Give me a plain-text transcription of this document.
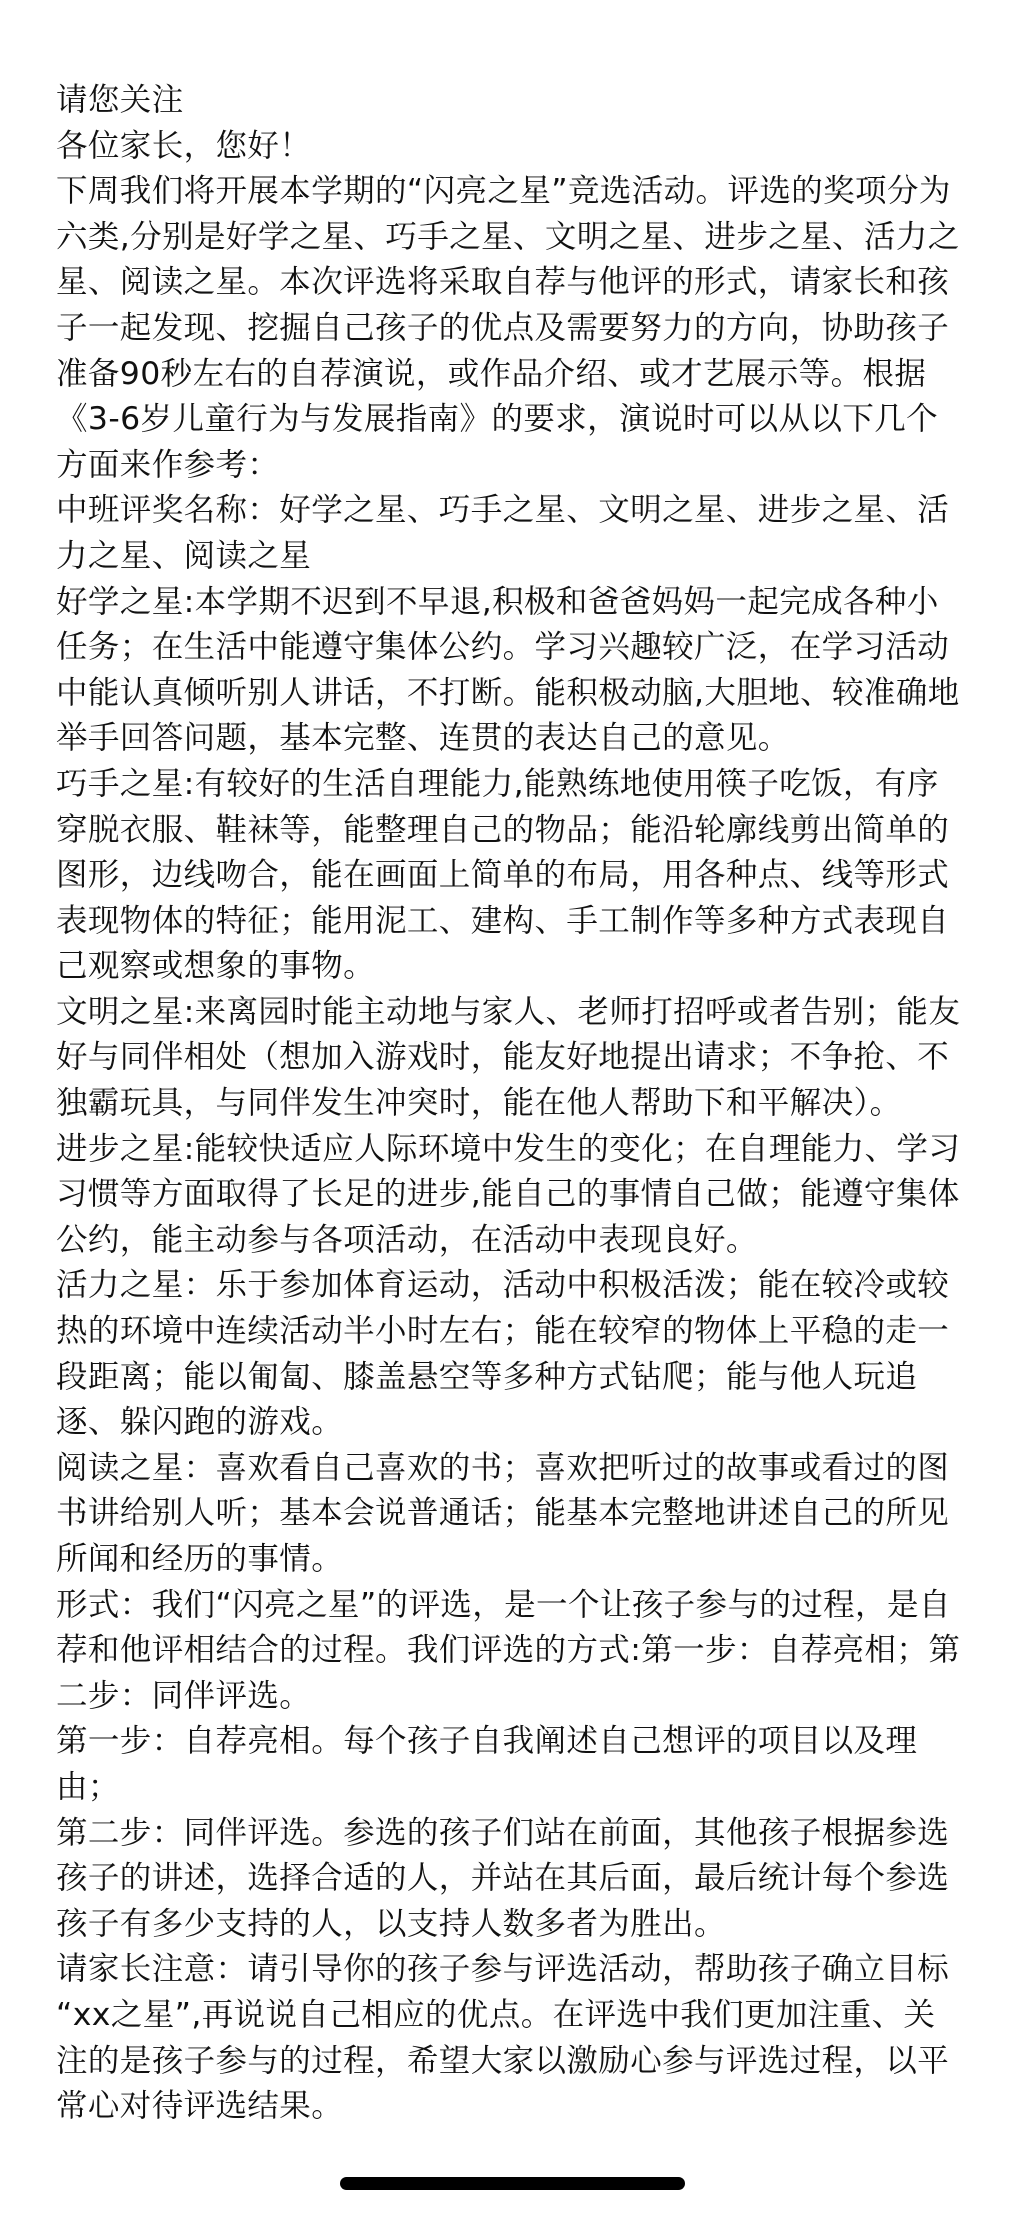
请您关注
各位家长，您好！
下周我们将开展本学期的“闪亮之星”竞选活动。评选的奖项分为
六类,分别是好学之星、巧手之星、文明之星、进步之星、活力之
星、阅读之星。本次评选将采取自荐与他评的形式，请家长和孩
子一起发现、挖掘自己孩子的优点及需要努力的方向，协助孩子
准备90秒左右的自荐演说，或作品介绍、或才艺展示等。根据
《3-6岁儿童行为与发展指南》的要求，演说时可以从以下几个
方面来作参考：
中班评奖名称：好学之星、巧手之星、文明之星、进步之星、活
力之星、阅读之星
好学之星:本学期不迟到不早退,积极和爸爸妈妈一起完成各种小
任务；在生活中能遵守集体公约。学习兴趣较广泛，在学习活动
中能认真倾听别人讲话，不打断。能积极动脑,大胆地、较准确地
举手回答问题，基本完整、连贯的表达自己的意见。
巧手之星:有较好的生活自理能力,能熟练地使用筷子吃饭，有序
穿脱衣服、鞋袜等，能整理自己的物品；能沿轮廓线剪出简单的
图形，边线吻合，能在画面上简单的布局，用各种点、线等形式
表现物体的特征；能用泥工、建构、手工制作等多种方式表现自
己观察或想象的事物。
文明之星:来离园时能主动地与家人、老师打招呼或者告别；能友
好与同伴相处（想加入游戏时，能友好地提出请求；不争抢、不
独霸玩具，与同伴发生冲突时，能在他人帮助下和平解决）。
进步之星:能较快适应人际环境中发生的变化；在自理能力、学习
习惯等方面取得了长足的进步,能自己的事情自己做；能遵守集体
公约，能主动参与各项活动，在活动中表现良好。
活力之星：乐于参加体育运动，活动中积极活泼；能在较冷或较
热的环境中连续活动半小时左右；能在较窄的物体上平稳的走一
段距离；能以匍匐、膝盖悬空等多种方式钻爬；能与他人玩追
逐、躲闪跑的游戏。
阅读之星：喜欢看自己喜欢的书；喜欢把听过的故事或看过的图
书讲给别人听；基本会说普通话；能基本完整地讲述自己的所见
所闻和经历的事情。
形式：我们“闪亮之星”的评选，是一个让孩子参与的过程，是自
荐和他评相结合的过程。我们评选的方式:第一步：自荐亮相；第
二步：同伴评选。
第一步：自荐亮相。每个孩子自我阐述自己想评的项目以及理
由；
第二步：同伴评选。参选的孩子们站在前面，其他孩子根据参选
孩子的讲述，选择合适的人，并站在其后面，最后统计每个参选
孩子有多少支持的人，以支持人数多者为胜出。
请家长注意：请引导你的孩子参与评选活动，帮助孩子确立目标
“xx之星”,再说说自己相应的优点。在评选中我们更加注重、关
注的是孩子参与的过程，希望大家以激励心参与评选过程，以平
常心对待评选结果。
